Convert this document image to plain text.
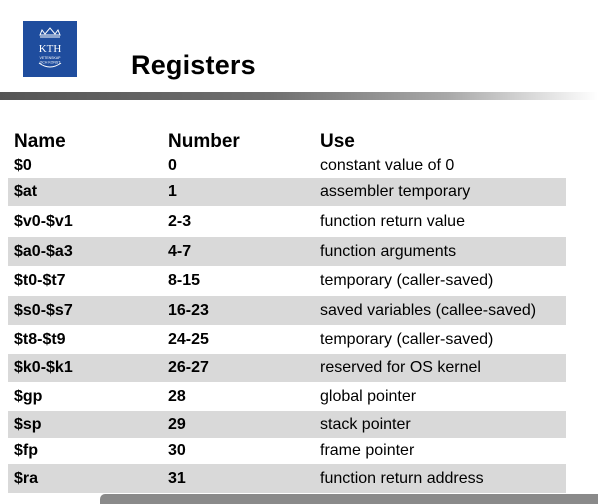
KTH
VETENSKAP
OCH KONST	Registers
Name	Number	Use
$0	0	constant value of 0
$at	1	assembler temporary
$v0-$v1	2-3	function return value
$a0-$a3	4-7	function arguments
$t0-$t7	8-15	temporary (caller-saved)
$s0-$s7	16-23	saved variables (callee-saved)
$t8-$t9	24-25	temporary (caller-saved)
$k0-$k1	26-27	reserved for OS kernel
$gp	28	global pointer
$sp	29	stack pointer
$fp	30	frame pointer
$ra	31	function return address
